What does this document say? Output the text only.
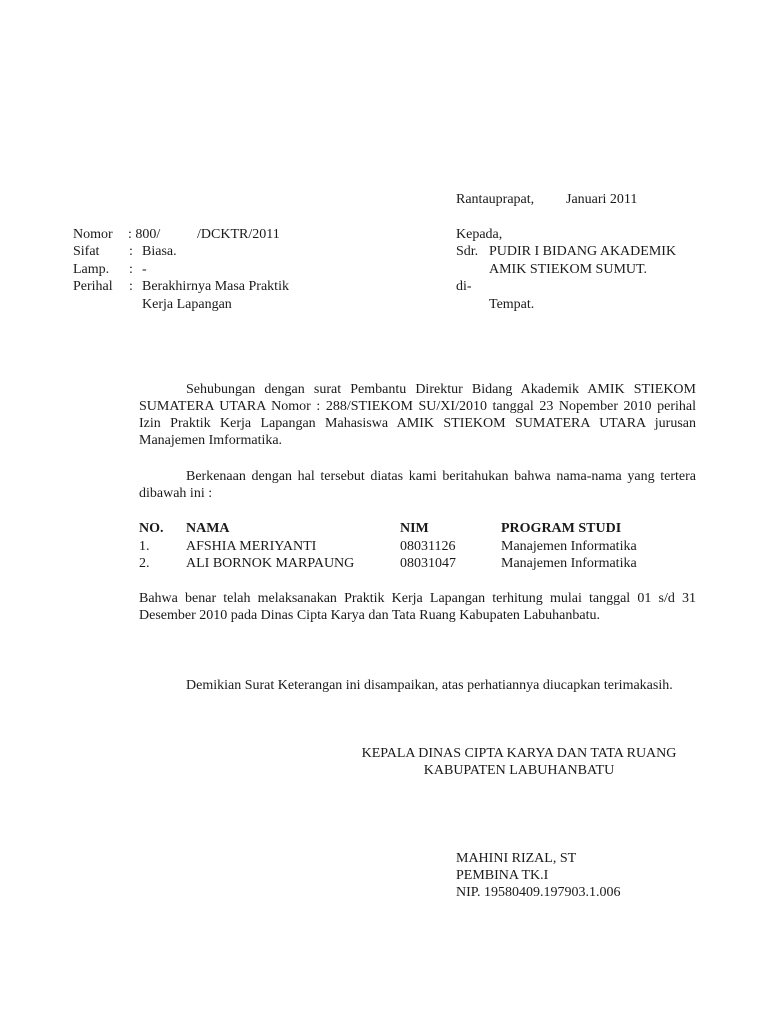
Rantauprapat, Januari 2011
Nomor : 800/	/DCKTR/2011
Sifat : Biasa.
Lamp. : -
Perihal : Berakhirnya Masa Praktik
Kerja Lapangan
Kepada,
Sdr. PUDIR I BIDANG AKADEMIK
AMIK STIEKOM SUMUT.
di-
Tempat.

Sehubungan dengan surat Pembantu Direktur Bidang Akademik AMIK STIEKOM SUMATERA UTARA Nomor : 288/STIEKOM SU/XI/2010 tanggal 23 Nopember 2010 perihal Izin Praktik Kerja Lapangan Mahasiswa AMIK STIEKOM SUMATERA UTARA jurusan Manajemen Imformatika.

Berkenaan dengan hal tersebut diatas kami beritahukan bahwa nama-nama yang tertera dibawah ini :

NO. NAMA	NIM	PROGRAM STUDI
1.	AFSHIA MERIYANTI	08031126	Manajemen Informatika
2.	ALI BORNOK MARPAUNG	08031047	Manajemen Informatika

Bahwa benar telah melaksanakan Praktik Kerja Lapangan terhitung mulai tanggal 01 s/d 31 Desember 2010 pada Dinas Cipta Karya dan Tata Ruang Kabupaten Labuhanbatu.

Demikian Surat Keterangan ini disampaikan, atas perhatiannya diucapkan terimakasih.

KEPALA DINAS CIPTA KARYA DAN TATA RUANG
KABUPATEN LABUHANBATU
MAHINI RIZAL, ST
PEMBINA TK.I
NIP. 19580409.197903.1.006
